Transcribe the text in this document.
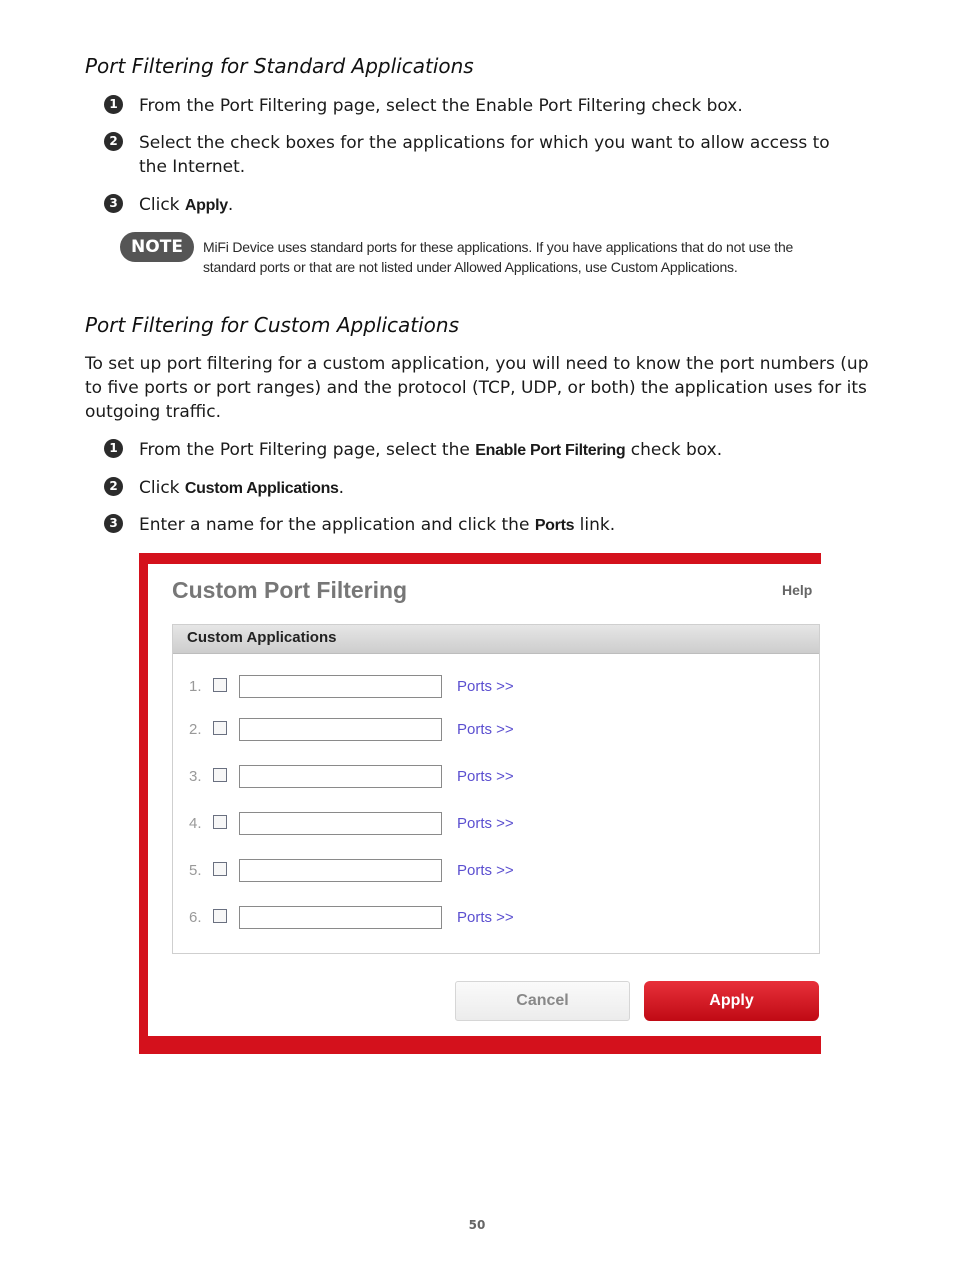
Port Filtering for Standard Applications
1	From the Port Filtering page, select the Enable Port Filtering check box.
2	Select the check boxes for the applications for which you want to allow access to the Internet.
3	Click Apply.
NOTE	MiFi Device uses standard ports for these applications. If you have applications that do not use the standard ports or that are not listed under Allowed Applications, use Custom Applications.
Port Filtering for Custom Applications
To set up port filtering for a custom application, you will need to know the port numbers (up to five ports or port ranges) and the protocol (TCP, UDP, or both) the application uses for its outgoing traffic.
1	From the Port Filtering page, select the Enable Port Filtering check box.
2	Click Custom Applications.
3	Enter a name for the application and click the Ports link.
Custom Port Filtering	Help
Custom Applications
1.	Ports >>
2.	Ports >>
3.	Ports >>
4.	Ports >>
5.	Ports >>
6.	Ports >>
Cancel	Apply
50
